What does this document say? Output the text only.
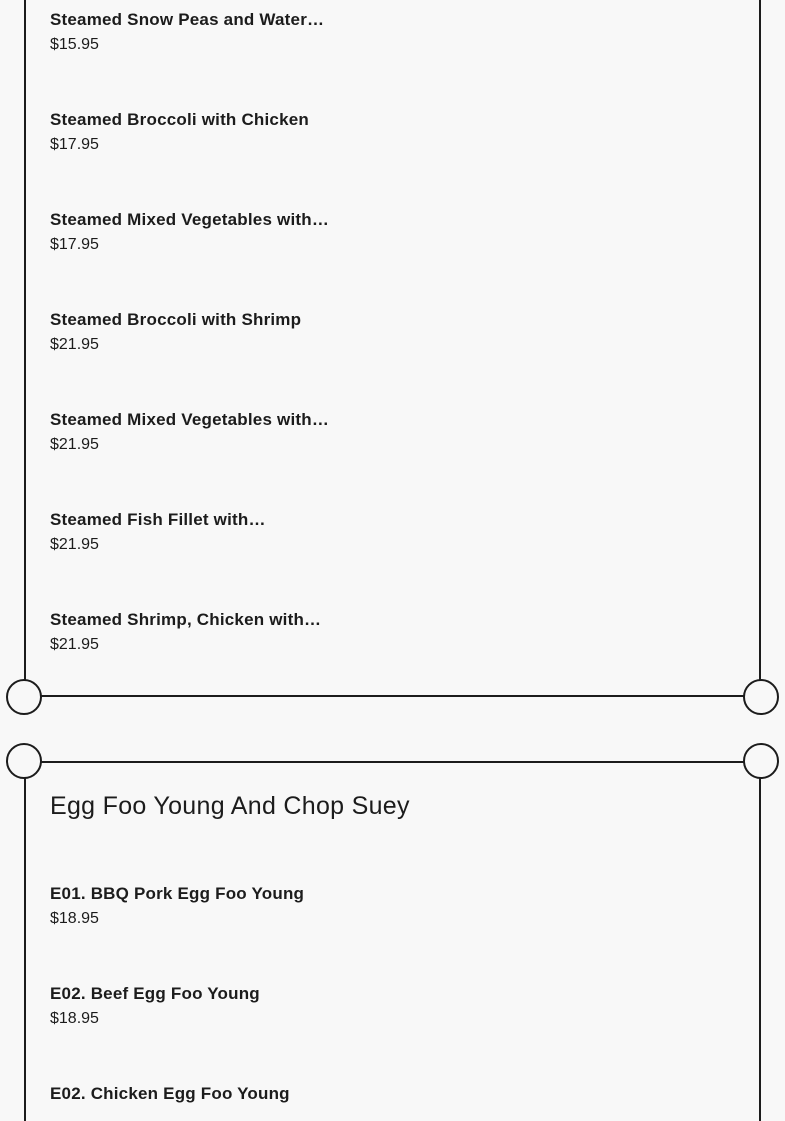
Steamed Snow Peas and Water…
$15.95
Steamed Broccoli with Chicken
$17.95
Steamed Mixed Vegetables with…
$17.95
Steamed Broccoli with Shrimp
$21.95
Steamed Mixed Vegetables with…
$21.95
Steamed Fish Fillet with…
$21.95
Steamed Shrimp, Chicken with…
$21.95
Egg Foo Young And Chop Suey
E01. BBQ Pork Egg Foo Young
$18.95
E02. Beef Egg Foo Young
$18.95
E02. Chicken Egg Foo Young
